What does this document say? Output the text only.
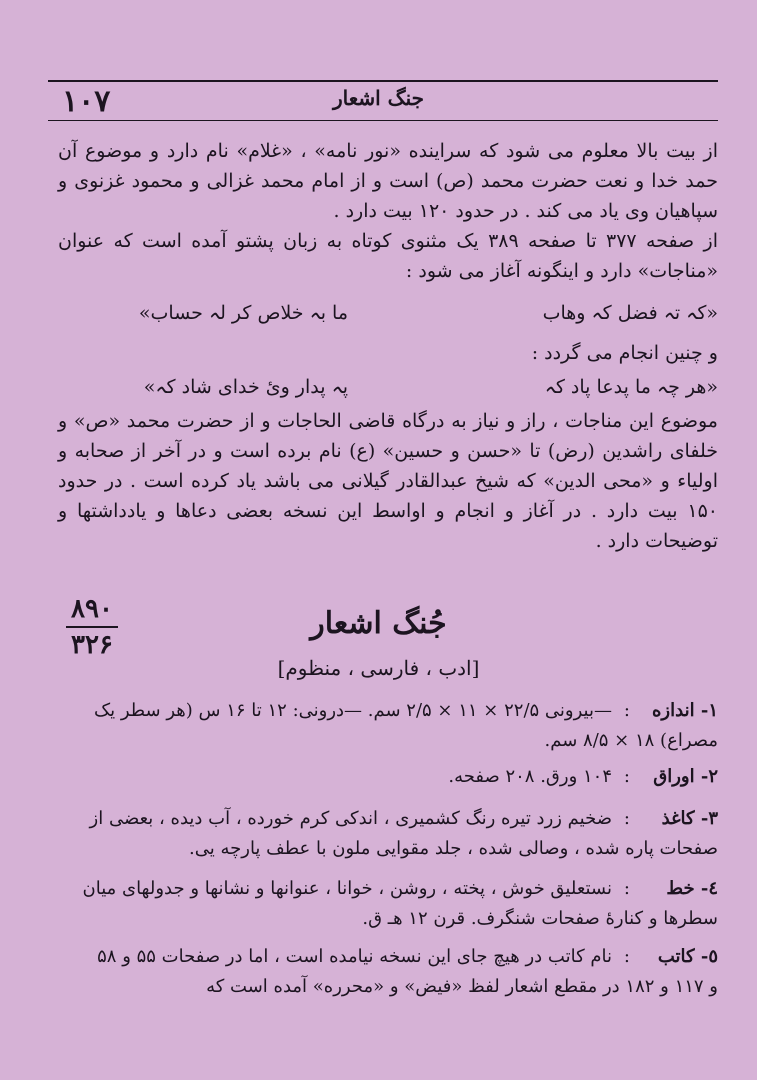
۱۰۷	جنگ اشعار
از بیت بالا معلوم می شود که سراینده «نور نامه» ، «غلام» نام دارد و موضوع آن حمد خدا و نعت حضرت محمد (ص) است و از امام محمد غزالی و محمود غزنوی و سپاهیان وی یاد می کند . در حدود ۱۲۰ بیت دارد .
از صفحه ۳۷۷ تا صفحه ۳۸۹ یک مثنوی کوتاه به زبان پشتو آمده است که عنوان «مناجات» دارد و اینگونه آغاز می شود :
«کہ تہ فضل کہ وهاب
ما بہ خلاص کر لہ حساب»
و چنین انجام می گردد :
«هر چہ ما پدعا پاد کہ
پہ پدار وئ خدای شاد کہ»
موضوع این مناجات ، راز و نیاز به درگاه قاضی الحاجات و از حضرت محمد «ص» و خلفای راشدین (رض) تا «حسن و حسین» (ع) نام برده است و در آخر از صحابه و اولیاء و «محی الدین» که شیخ عبدالقادر گیلانی می باشد یاد کرده است . در حدود ۱۵۰ بیت دارد . در آغاز و انجام و اواسط این نسخه بعضی دعاها و یادداشتها و توضیحات دارد .
۸۹۰
۳۲۶
جُنگ اشعار
[ادب ، فارسی ، منظوم]
۱- اندازه
:
—بیرونی ۲۲/۵ × ۱۱ × ۲/۵ سم. —درونی: ۱۲ تا ۱۶ س (هر سطر یک
مصراع) ۱۸ × ۸/۵ سم.
۲- اوراق
:
۱۰۴ ورق. ۲۰۸ صفحه.
۳- کاغذ
:
ضخیم زرد تیره رنگ کشمیری ، اندکی کرم خورده ، آب دیده ، بعضی از
صفحات پاره شده ، وصالی شده ، جلد مقوایی ملون با عطف پارچه یی.
٤- خط
:
نستعلیق خوش ، پخته ، روشن ، خوانا ، عنوانها و نشانها و جدولهای میان
سطرها و کنارهٔ صفحات شنگرف. قرن ۱۲ هـ ق.
٥- کاتب
:
نام کاتب در هیچ جای این نسخه نیامده است ، اما در صفحات ۵۵ و ۵۸
و ۱۱۷ و ۱۸۲ در مقطع اشعار لفظ «فیض» و «محرره» آمده است که
